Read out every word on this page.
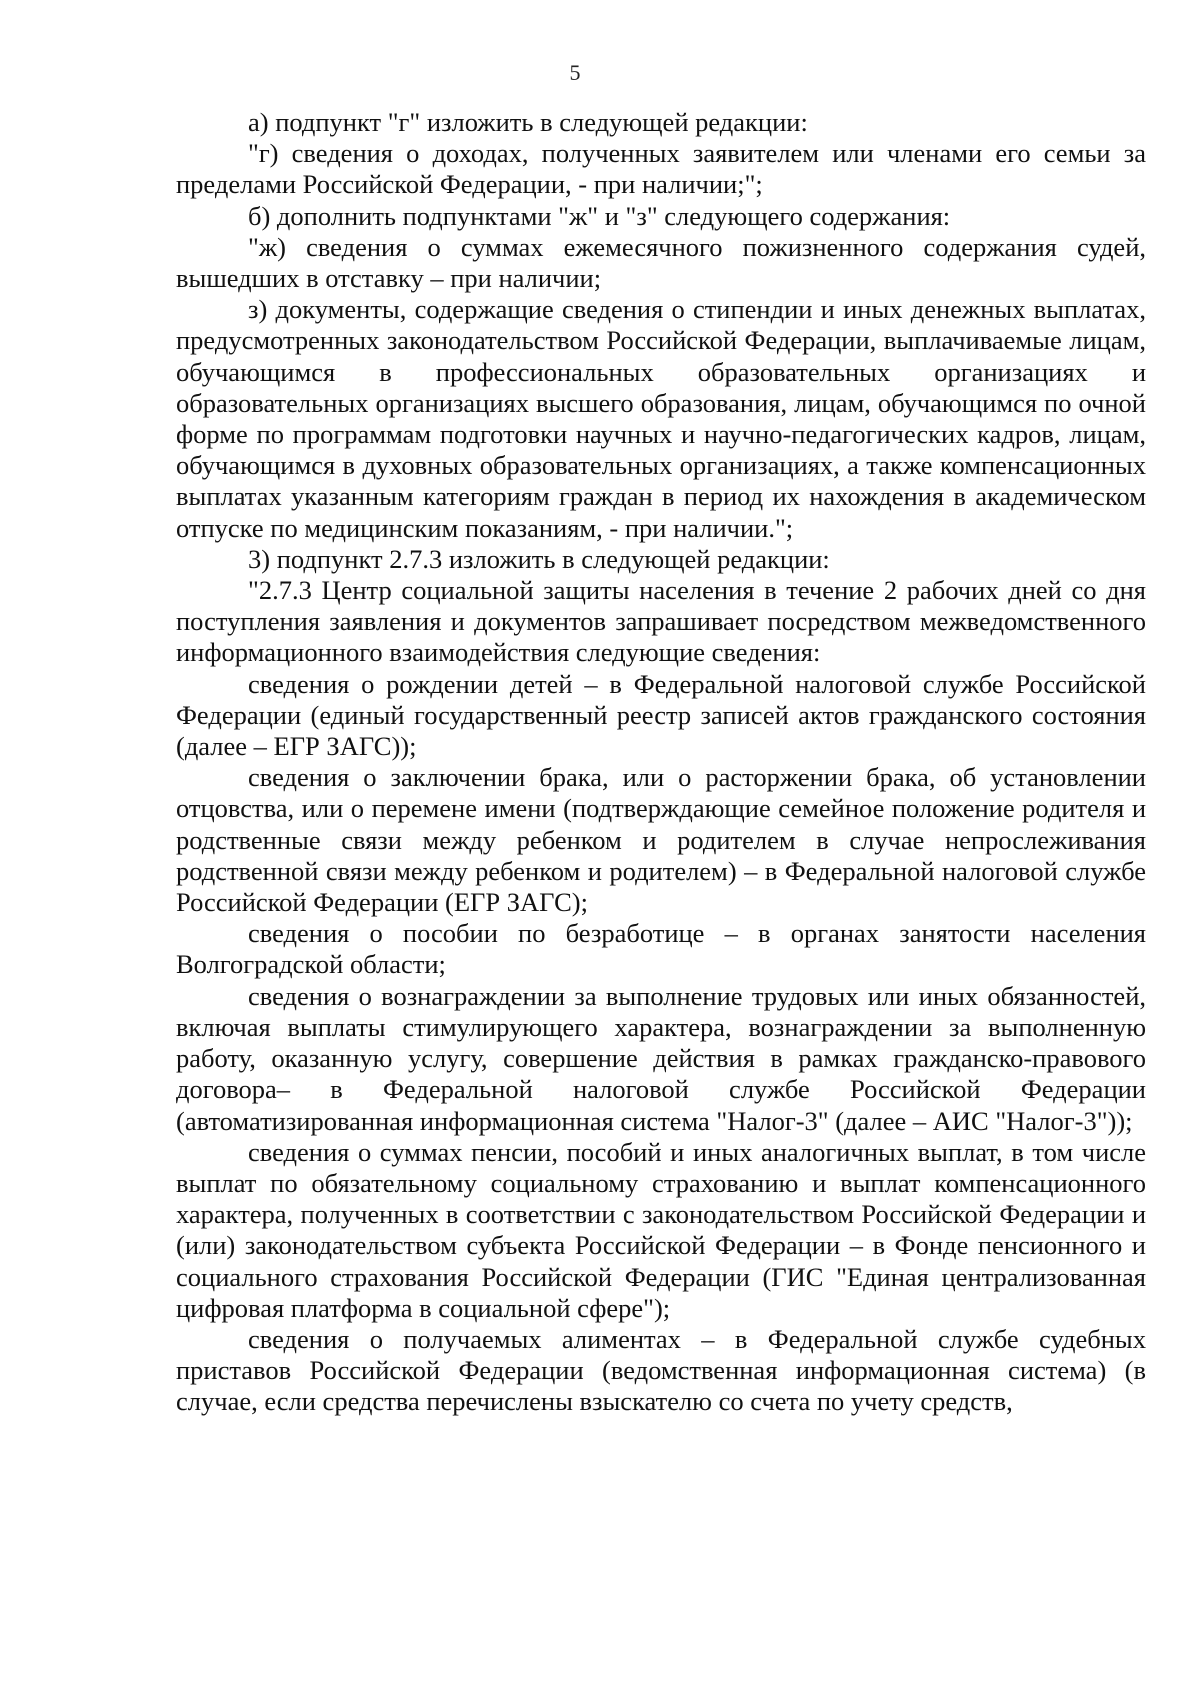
5

а) подпункт "г" изложить в следующей редакции:

"г) сведения о доходах, полученных заявителем или членами его семьи за пределами Российской Федерации, - при наличии;";

б) дополнить подпунктами "ж" и "з" следующего содержания:

"ж) сведения о суммах ежемесячного пожизненного содержания судей, вышедших в отставку – при наличии;

з) документы, содержащие сведения о стипендии и иных денежных выплатах, предусмотренных законодательством Российской Федерации, выплачиваемые лицам, обучающимся в профессиональных образовательных организациях и образовательных организациях высшего образования, лицам, обучающимся по очной форме по программам подготовки научных и научно-педагогических кадров, лицам, обучающимся в духовных образовательных организациях, а также компенсационных выплатах указанным категориям граждан в период их нахождения в академическом отпуске по медицинским показаниям, - при наличии.";

3) подпункт 2.7.3 изложить в следующей редакции:

"2.7.3 Центр социальной защиты населения в течение 2 рабочих дней со дня поступления заявления и документов запрашивает посредством межведомственного информационного взаимодействия следующие сведения:

сведения о рождении детей – в Федеральной налоговой службе Российской Федерации (единый государственный реестр записей актов гражданского состояния (далее – ЕГР ЗАГС));

сведения о заключении брака, или о расторжении брака, об установлении отцовства, или о перемене имени (подтверждающие семейное положение родителя и родственные связи между ребенком и родителем в случае непрослеживания родственной связи между ребенком и родителем) – в Федеральной налоговой службе Российской Федерации (ЕГР ЗАГС);

сведения о пособии по безработице – в органах занятости населения Волгоградской области;

сведения о вознаграждении за выполнение трудовых или иных обязанностей, включая выплаты стимулирующего характера, вознаграждении за выполненную работу, оказанную услугу, совершение действия в рамках гражданско-правового договора– в Федеральной налоговой службе Российской Федерации (автоматизированная информационная система "Налог-3" (далее – АИС "Налог-3"));

сведения о суммах пенсии, пособий и иных аналогичных выплат, в том числе выплат по обязательному социальному страхованию и выплат компенсационного характера, полученных в соответствии с законодательством Российской Федерации и (или) законодательством субъекта Российской Федерации – в Фонде пенсионного и социального страхования Российской Федерации (ГИС "Единая централизованная цифровая платформа в социальной сфере");

сведения о получаемых алиментах – в Федеральной службе судебных приставов Российской Федерации (ведомственная информационная система) (в случае, если средства перечислены взыскателю со счета по учету средств,
